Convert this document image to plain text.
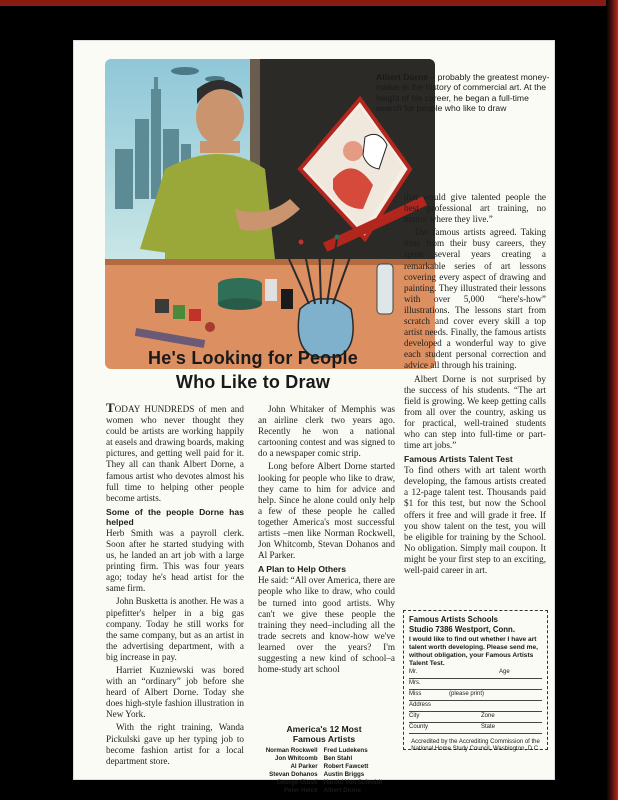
Albert Dorne – probably the greatest money-maker in the history of commercial art. At the height of his career, he began a full-time search for people who like to draw
He's Looking for People
Who Like to Draw

TODAY HUNDREDS of men and women who never thought they could be artists are working happily at easels and drawing boards, making pictures, and getting well paid for it. They all can thank Albert Dorne, a famous artist who devotes almost his full time to helping other people become artists.

Some of the people Dorne has helped

Herb Smith was a payroll clerk. Soon after he started studying with us, he landed an art job with a large printing firm. This was four years ago; today he's head artist for the same firm.

John Busketta is another. He was a pipefitter's helper in a big gas company. Today he still works for the same company, but as an artist in the advertising department, with a big increase in pay.

Harriet Kuzniewski was bored with an “ordinary” job before she heard of Albert Dorne. Today she does high-style fashion illustration in New York.

With the right training, Wanda Pickulski gave up her typing job to become fashion artist for a local department store.

John Whitaker of Memphis was an airline clerk two years ago. Recently he won a national cartooning contest and was signed to do a newspaper comic strip.

Long before Albert Dorne started looking for people who like to draw, they came to him for advice and help. Since he alone could only help a few of these people he called together America's most successful artists –men like Norman Rockwell, Jon Whitcomb, Stevan Dohanos and Al Parker.

A Plan to Help Others

He said: “All over America, there are people who like to draw, who could be turned into good artists. Why can't we give these people the training they need–including all the trade secrets and know-how we've learned over the years? I'm suggesting a new kind of school–a home-study art school

that would give talented people the best professional art training, no matter where they live.”

The famous artists agreed. Taking time from their busy careers, they spent several years creating a remarkable series of art lessons covering every aspect of drawing and painting. They illustrated their lessons with over 5,000 “here's-how” illustrations. The lessons start from scratch and cover every skill a top artist needs. Finally, the famous artists developed a wonderful way to give each student personal correction and advice all through his training.

Albert Dorne is not surprised by the success of his students. “The art field is growing. We keep getting calls from all over the country, asking us for practical, well-trained students who can step into full-time or part-time art jobs.”

Famous Artists Talent Test

To find others with art talent worth developing, the famous artists created a 12-page talent test. Thousands paid $1 for this test, but now the School offers it free and will grade it free. If you show talent on the test, you will be eligible for training by the School. No obligation. Simply mail coupon. It might be your first step to an exciting, well-paid career in art.

America's 12 Most
Famous Artists
Norman Rockwell	Fred Ludekens
Jon Whitcomb	Ben Stahl
Al Parker	Robert Fawcett
Stevan Dohanos	Austin Briggs
George Giusti	Harold Von Schmidt
Peter Helck	Albert Dorne
Famous Artists Schools
Studio 7386 Westport, Conn.
I would like to find out whether I have art talent worth developing. Please send me, without obligation, your Famous Artists Talent Test.
Mr.	Age
Mrs.
Miss	(please print)
Address
City	Zone
County	State
Accredited by the Accrediting Commission of the National Home Study Council, Washington, D.C.
